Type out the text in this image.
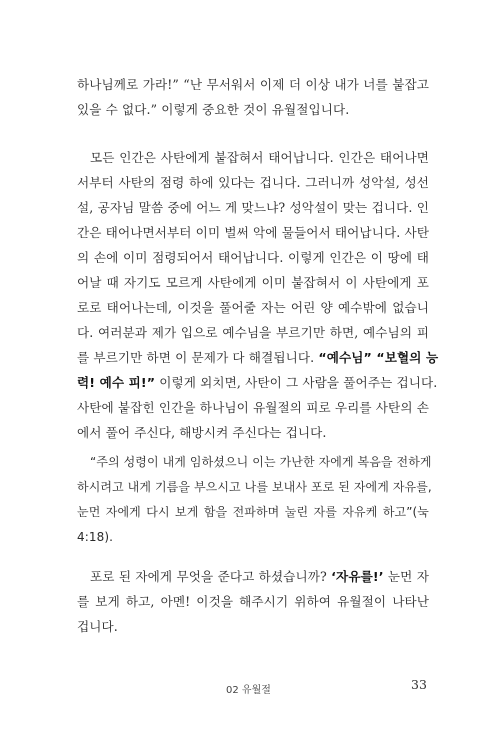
하나님께로 가라!” “난 무서워서 이제 더 이상 내가 너를 붙잡고
있을 수 없다.” 이렇게 중요한 것이 유월절입니다.
모든 인간은 사탄에게 붙잡혀서 태어납니다. 인간은 태어나면
서부터 사탄의 점령 하에 있다는 겁니다. 그러니까 성악설, 성선
설, 공자님 말씀 중에 어느 게 맞느냐? 성악설이 맞는 겁니다. 인
간은 태어나면서부터 이미 벌써 악에 물들어서 태어납니다. 사탄
의 손에 이미 점령되어서 태어납니다. 이렇게 인간은 이 땅에 태
어날 때 자기도 모르게 사탄에게 이미 붙잡혀서 이 사탄에게 포
로로 태어나는데, 이것을 풀어줄 자는 어린 양 예수밖에 없습니
다. 여러분과 제가 입으로 예수님을 부르기만 하면, 예수님의 피
를 부르기만 하면 이 문제가 다 해결됩니다. “예수님” “보혈의 능
력! 예수 피!” 이렇게 외치면, 사탄이 그 사람을 풀어주는 겁니다.
사탄에 붙잡힌 인간을 하나님이 유월절의 피로 우리를 사탄의 손
에서 풀어 주신다, 해방시켜 주신다는 겁니다.
“주의 성령이 내게 임하셨으니 이는 가난한 자에게 복음을 전하게
하시려고 내게 기름을 부으시고 나를 보내사 포로 된 자에게 자유를,
눈먼 자에게 다시 보게 함을 전파하며 눌린 자를 자유케 하고”(눅
4:18).
포로 된 자에게 무엇을 준다고 하셨습니까? ‘자유를!’ 눈먼 자
를 보게 하고, 아멘! 이것을 해주시기 위하여 유월절이 나타난
겁니다.
02 유월절	33
